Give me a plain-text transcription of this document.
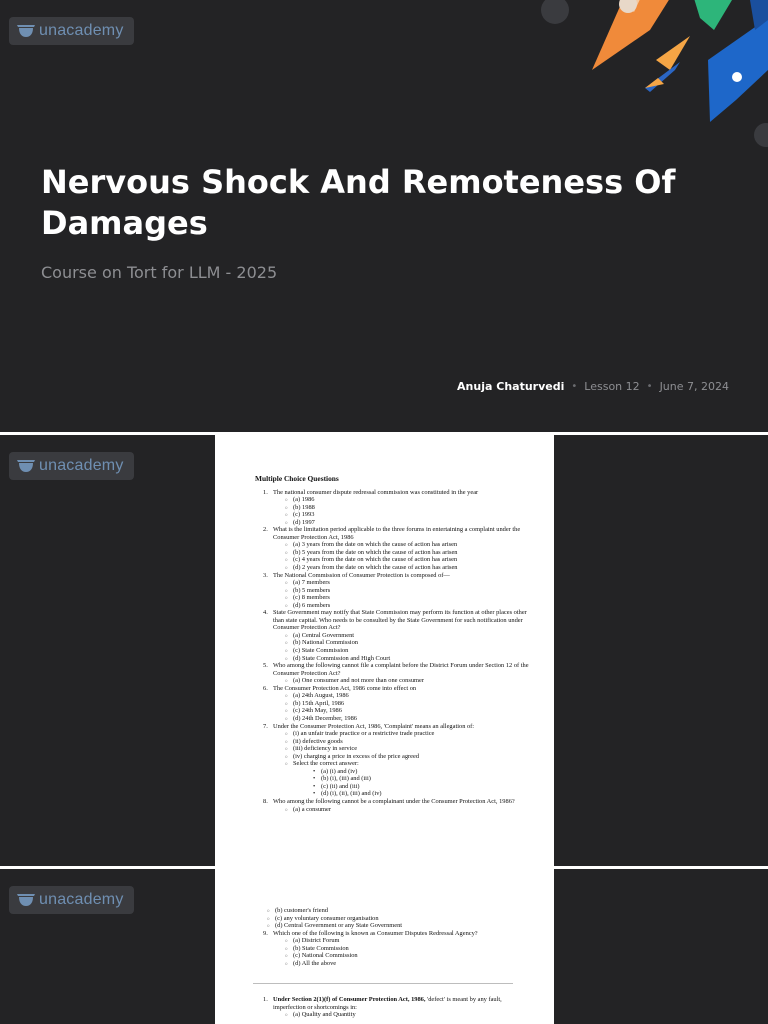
unacademy
Nervous Shock And Remoteness Of Damages
Course on Tort for LLM - 2025
Anuja Chaturvedi • Lesson 12 • June 7, 2024
unacademy
Multiple Choice Questions
1. The national consumer dispute redressal commission was constituted in the year
○ (a) 1986
○ (b) 1988
○ (c) 1993
○ (d) 1997
2. What is the limitation period applicable to the three forums in entertaining a complaint under the Consumer Protection Act, 1986
○ (a) 3 years from the date on which the cause of action has arisen
○ (b) 5 years from the date on which the cause of action has arisen
○ (c) 4 years from the date on which the cause of action has arisen
○ (d) 2 years from the date on which the cause of action has arisen
3. The National Commission of Consumer Protection is composed of—
○ (a) 7 members
○ (b) 5 members
○ (c) 8 members
○ (d) 6 members
4. State Government may notify that State Commission may perform its function at other places other than state capital. Who needs to be consulted by the State Government for such notification under Consumer Protection Act?
○ (a) Central Government
○ (b) National Commission
○ (c) State Commission
○ (d) State Commission and High Court
5. Who among the following cannot file a complaint before the District Forum under Section 12 of the Consumer Protection Act?
○ (a) One consumer and not more than one consumer
6. The Consumer Protection Act, 1986 come into effect on
○ (a) 24th August, 1986
○ (b) 15th April, 1986
○ (c) 24th May, 1986
○ (d) 24th December, 1986
7. Under the Consumer Protection Act, 1986, 'Complaint' means an allegation of:
○ (i) an unfair trade practice or a restrictive trade practice
○ (ii) defective goods
○ (iii) deficiency in service
○ (iv) charging a price in excess of the price agreed
○ Select the correct answer:
• (a) (i) and (iv)
• (b) (i), (iii) and (iii)
• (c) (ii) and (iii)
• (d) (i), (ii), (iii) and (iv)
8. Who among the following cannot be a complainant under the Consumer Protection Act, 1986?
○ (a) a consumer
unacademy
○ (b) customer's friend
○ (c) any voluntary consumer organisation
○ (d) Central Government or any State Government
9. Which one of the following is known as Consumer Disputes Redressal Agency?
○ (a) District Forum
○ (b) State Commission
○ (c) National Commission
○ (d) All the above
1. Under Section 2(1)(f) of Consumer Protection Act, 1986, 'defect' is meant by any fault, imperfection or shortcomings in:
○ (a) Quality and Quantity
